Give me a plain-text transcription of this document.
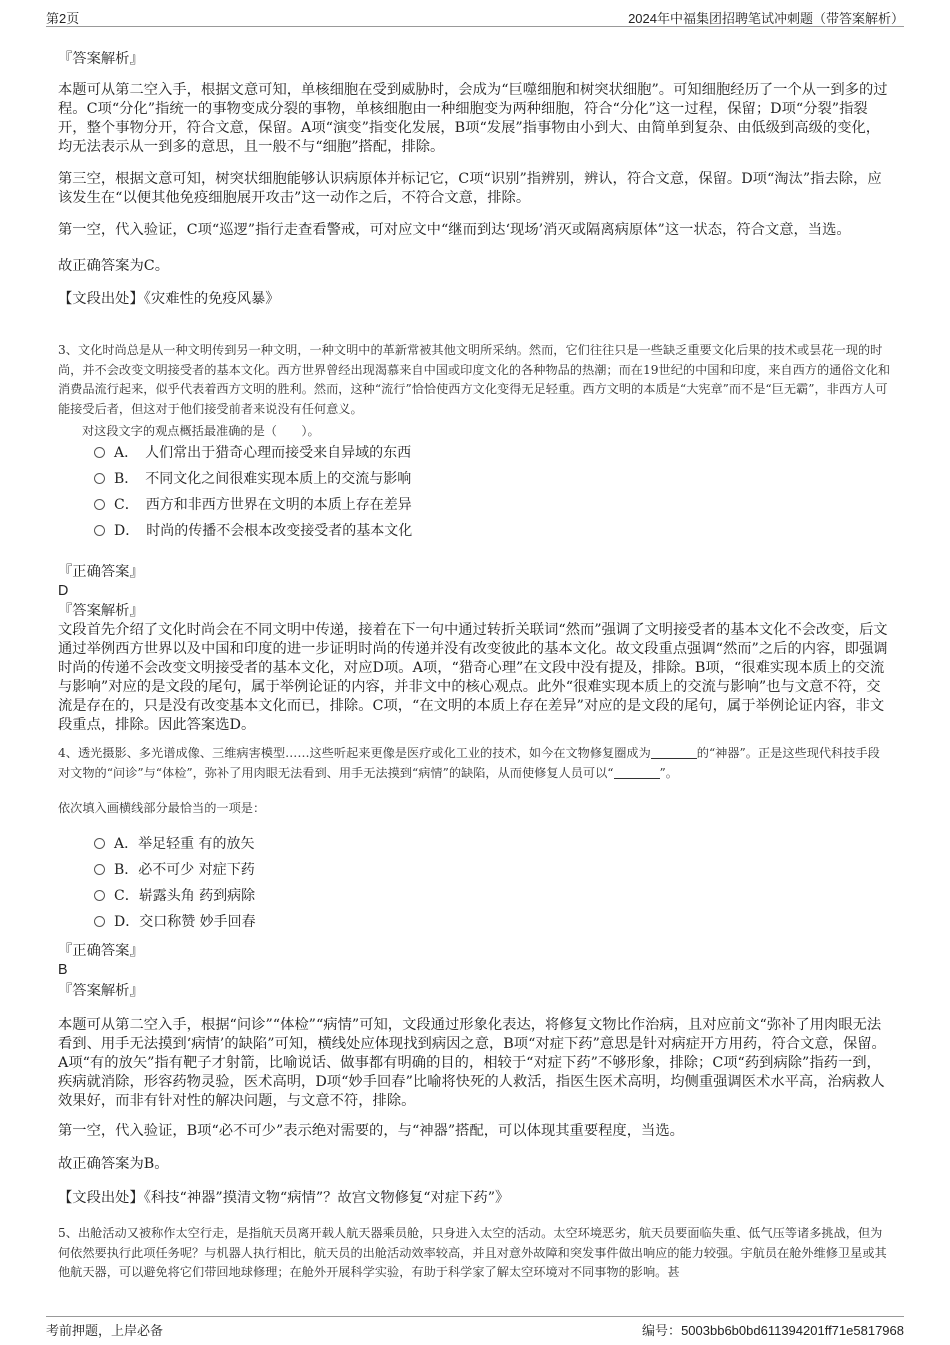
第2页	2024年中福集团招聘笔试冲刺题（带答案解析）

『答案解析』

本题可从第二空入手，根据文意可知，单核细胞在受到威胁时，会成为“巨噬细胞和树突状细胞”。可知细胞经历了一个从一到多的过程。C项“分化”指统一的事物变成分裂的事物，单核细胞由一种细胞变为两种细胞，符合“分化”这一过程，保留；D项“分裂”指裂开，整个事物分开，符合文意，保留。A项“演变”指变化发展，B项“发展”指事物由小到大、由简单到复杂、由低级到高级的变化，均无法表示从一到多的意思，且一般不与“细胞”搭配，排除。

第三空，根据文意可知，树突状细胞能够认识病原体并标记它，C项“识别”指辨别，辨认，符合文意，保留。D项“淘汰”指去除，应该发生在“以便其他免疫细胞展开攻击”这一动作之后，不符合文意，排除。

第一空，代入验证，C项“巡逻”指行走查看警戒，可对应文中“继而到达‘现场’消灭或隔离病原体”这一状态，符合文意，当选。

故正确答案为C。

【文段出处】《灾难性的免疫风暴》

3、文化时尚总是从一种文明传到另一种文明，一种文明中的革新常被其他文明所采纳。然而，它们往往只是一些缺乏重要文化后果的技术或昙花一现的时尚，并不会改变文明接受者的基本文化。西方世界曾经出现渴慕来自中国或印度文化的各种物品的热潮；而在19世纪的中国和印度，来自西方的通俗文化和消费品流行起来，似乎代表着西方文明的胜利。然而，这种“流行”恰恰使西方文化变得无足轻重。西方文明的本质是“大宪章”而不是“巨无霸”，非西方人可能接受后者，但这对于他们接受前者来说没有任何意义。

对这段文字的观点概括最准确的是（　　）。

A．　人们常出于猎奇心理而接受来自异域的东西
B．　不同文化之间很难实现本质上的交流与影响
C．　西方和非西方世界在文明的本质上存在差异
D．　时尚的传播不会根本改变接受者的基本文化

『正确答案』

D

『答案解析』

文段首先介绍了文化时尚会在不同文明中传递，接着在下一句中通过转折关联词“然而”强调了文明接受者的基本文化不会改变，后文通过举例西方世界以及中国和印度的进一步证明时尚的传递并没有改变彼此的基本文化。故文段重点强调“然而”之后的内容，即强调时尚的传递不会改变文明接受者的基本文化，对应D项。A项，“猎奇心理”在文段中没有提及，排除。B项，“很难实现本质上的交流与影响”对应的是文段的尾句，属于举例论证的内容，并非文中的核心观点。此外“很难实现本质上的交流与影响”也与文意不符，交流是存在的，只是没有改变基本文化而已，排除。C项，“在文明的本质上存在差异”对应的是文段的尾句，属于举例论证内容，非文段重点，排除。因此答案选D。

4、透光摄影、多光谱成像、三维病害模型……这些听起来更像是医疗或化工业的技术，如今在文物修复圈成为	的“神器”。正是这些现代科技手段对文物的“问诊”与“体检”，弥补了用肉眼无法看到、用手无法摸到“病情”的缺陷，从而使修复人员可以“	”。

依次填入画横线部分最恰当的一项是：

A．举足轻重 有的放矢
B．必不可少 对症下药
C．崭露头角 药到病除
D．交口称赞 妙手回春

『正确答案』

B

『答案解析』

本题可从第二空入手，根据“问诊”“体检”“病情”可知，文段通过形象化表达，将修复文物比作治病，且对应前文“弥补了用肉眼无法看到、用手无法摸到‘病情’的缺陷”可知，横线处应体现找到病因之意，B项“对症下药”意思是针对病症开方用药，符合文意，保留。A项“有的放矢”指有靶子才射箭，比喻说话、做事都有明确的目的，相较于“对症下药”不够形象，排除；C项“药到病除”指药一到，疾病就消除，形容药物灵验，医术高明，D项“妙手回春”比喻将快死的人救活，指医生医术高明，均侧重强调医术水平高，治病救人效果好，而非有针对性的解决问题，与文意不符，排除。

第一空，代入验证，B项“必不可少”表示绝对需要的，与“神器”搭配，可以体现其重要程度，当选。

故正确答案为B。

【文段出处】《科技“神器”摸清文物“病情”？故宫文物修复“对症下药”》

5、出舱活动又被称作太空行走，是指航天员离开载人航天器乘员舱，只身进入太空的活动。太空环境恶劣，航天员要面临失重、低气压等诸多挑战，但为何依然要执行此项任务呢？与机器人执行相比，航天员的出舱活动效率较高，并且对意外故障和突发事件做出响应的能力较强。宇航员在舱外维修卫星或其他航天器，可以避免将它们带回地球修理；在舱外开展科学实验，有助于科学家了解太空环境对不同事物的影响。甚

考前押题，上岸必备	编号：5003bb6b0bd611394201ff71e5817968
